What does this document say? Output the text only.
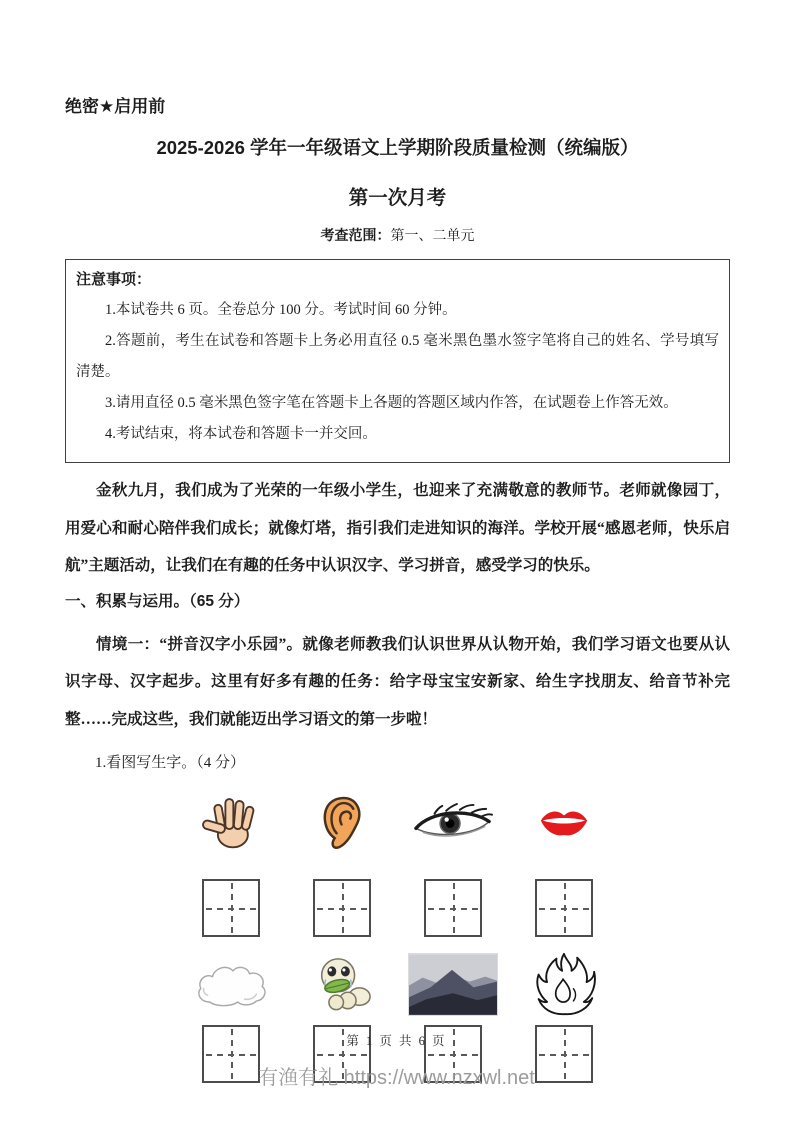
绝密★启用前
2025-2026 学年一年级语文上学期阶段质量检测（统编版）
第一次月考
考查范围：第一、二单元
注意事项：

1.本试卷共 6 页。全卷总分 100 分。考试时间 60 分钟。

2.答题前，考生在试卷和答题卡上务必用直径 0.5 毫米黑色墨水签字笔将自己的姓名、学号填写清楚。

3.请用直径 0.5 毫米黑色签字笔在答题卡上各题的答题区域内作答，在试题卷上作答无效。

4.考试结束，将本试卷和答题卡一并交回。

金秋九月，我们成为了光荣的一年级小学生，也迎来了充满敬意的教师节。老师就像园丁，用爱心和耐心陪伴我们成长；就像灯塔，指引我们走进知识的海洋。学校开展“感恩老师，快乐启航”主题活动，让我们在有趣的任务中认识汉字、学习拼音，感受学习的快乐。

一、积累与运用。（65 分）

情境一：“拼音汉字小乐园”。就像老师教我们认识世界从认物开始，我们学习语文也要从认识字母、汉字起步。这里有好多有趣的任务：给字母宝宝安新家、给生字找朋友、给音节补完整……完成这些，我们就能迈出学习语文的第一步啦！

1.看图写生字。（4 分）

第 1 页 共 6 页
有渔有礼 https://www.nzxwl.net
